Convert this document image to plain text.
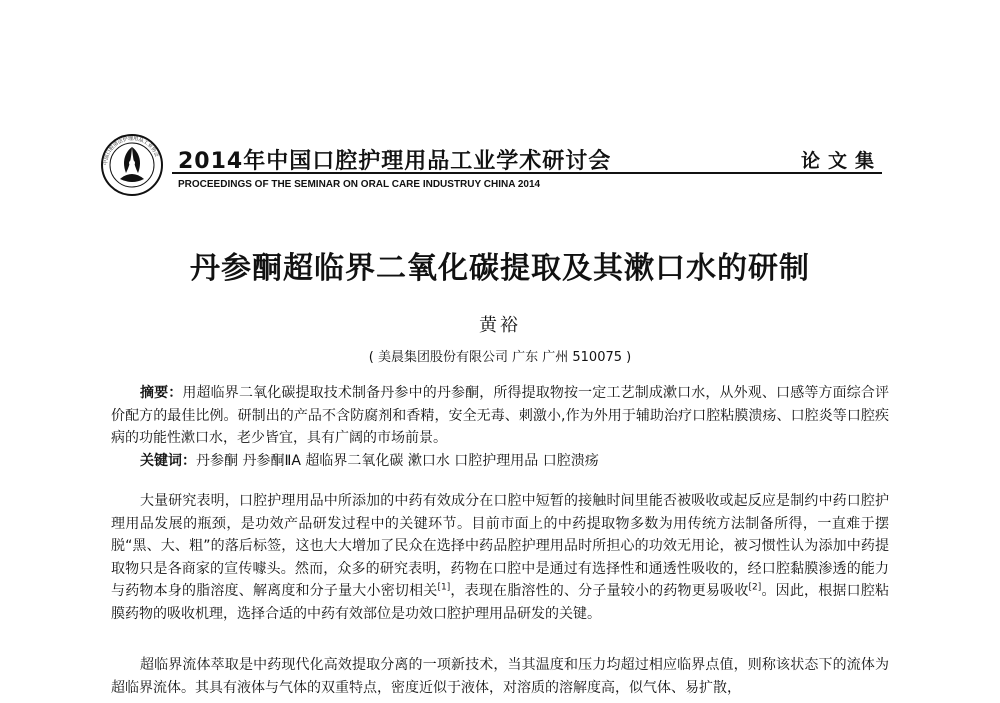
中国口腔清洁护理用品工业协会 2014年中国口腔护理用品工业学术研讨会	论文集
PROCEEDINGS OF THE SEMINAR ON ORAL CARE INDUSTRUY CHINA 2014
丹参酮超临界二氧化碳提取及其漱口水的研制
黄裕
( 美晨集团股份有限公司 广东 广州 510075 )
摘要：用超临界二氧化碳提取技术制备丹参中的丹参酮，所得提取物按一定工艺制成漱口水，从外观、口感等方面综合评价配方的最佳比例。研制出的产品不含防腐剂和香精，安全无毒、刺激小,作为外用于辅助治疗口腔粘膜溃疡、口腔炎等口腔疾病的功能性漱口水，老少皆宜，具有广阔的市场前景。
关键词：丹参酮 丹参酮ⅡA 超临界二氧化碳 漱口水 口腔护理用品 口腔溃疡
大量研究表明，口腔护理用品中所添加的中药有效成分在口腔中短暂的接触时间里能否被吸收或起反应是制约中药口腔护理用品发展的瓶颈，是功效产品研发过程中的关键环节。目前市面上的中药提取物多数为用传统方法制备所得，一直难于摆脱“黑、大、粗”的落后标签，这也大大增加了民众在选择中药品腔护理用品时所担心的功效无用论，被习惯性认为添加中药提取物只是各商家的宣传噱头。然而，众多的研究表明，药物在口腔中是通过有选择性和通透性吸收的，经口腔黏膜渗透的能力与药物本身的脂溶度、解离度和分子量大小密切相关[1]，表现在脂溶性的、分子量较小的药物更易吸收[2]。因此，根据口腔粘膜药物的吸收机理，选择合适的中药有效部位是功效口腔护理用品研发的关键。
超临界流体萃取是中药现代化高效提取分离的一项新技术，当其温度和压力均超过相应临界点值，则称该状态下的流体为超临界流体。其具有液体与气体的双重特点，密度近似于液体，对溶质的溶解度高，似气体、易扩散，
